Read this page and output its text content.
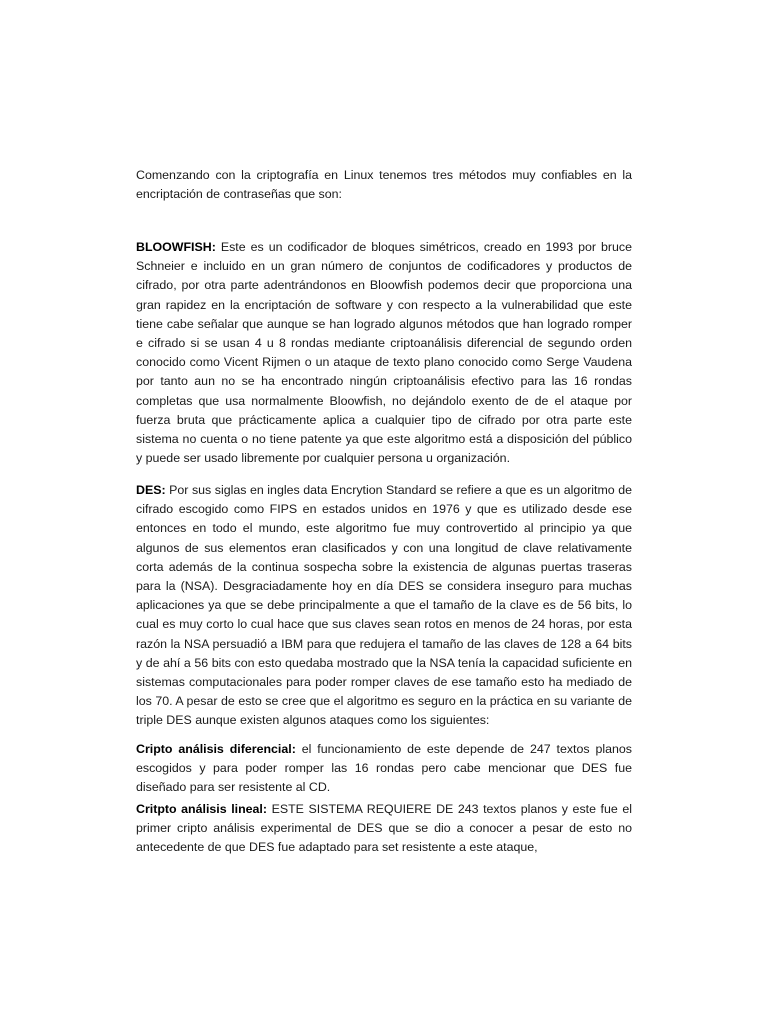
Comenzando con la criptografía en Linux tenemos tres métodos muy confiables en la encriptación de contraseñas que son:

BLOOWFISH: Este es un codificador de bloques simétricos, creado en 1993 por bruce Schneier e incluido en un gran número de conjuntos de codificadores y productos de cifrado, por otra parte adentrándonos en Bloowfish podemos decir que proporciona una gran rapidez en la encriptación de software y con respecto a la vulnerabilidad que este tiene cabe señalar que aunque se han logrado algunos métodos que han logrado romper e cifrado si se usan 4 u 8 rondas mediante criptoanálisis diferencial de segundo orden conocido como Vicent Rijmen o un ataque de texto plano conocido como Serge Vaudena por tanto aun no se ha encontrado ningún criptoanálisis efectivo para las 16 rondas completas que usa normalmente Bloowfish, no dejándolo exento de de el ataque por fuerza bruta que prácticamente aplica a cualquier tipo de cifrado por otra parte este sistema no cuenta o no tiene patente ya que este algoritmo está a disposición del público y puede ser usado libremente por cualquier persona u organización.

DES: Por sus siglas en ingles data Encrytion Standard se refiere a que es un algoritmo de cifrado escogido como FIPS en estados unidos en 1976 y que es utilizado desde ese entonces en todo el mundo, este algoritmo fue muy controvertido al principio ya que algunos de sus elementos eran clasificados y con una longitud de clave relativamente corta además de la continua sospecha sobre la existencia de algunas puertas traseras para la (NSA). Desgraciadamente hoy en día DES se considera inseguro para muchas aplicaciones ya que se debe principalmente a que el tamaño de la clave es de 56 bits, lo cual es muy corto lo cual hace que sus claves sean rotos en menos de 24 horas, por esta razón la NSA persuadió a IBM para que redujera el tamaño de las claves de 128 a 64 bits y de ahí a 56 bits con esto quedaba mostrado que la NSA tenía la capacidad suficiente en sistemas computacionales para poder romper claves de ese tamaño esto ha mediado de los 70. A pesar de esto se cree que el algoritmo es seguro en la práctica en su variante de triple DES aunque existen algunos ataques como los siguientes:

Cripto análisis diferencial: el funcionamiento de este depende de 247 textos planos escogidos y para poder romper las 16 rondas pero cabe mencionar que DES fue diseñado para ser resistente al CD.

Critpto análisis lineal: ESTE SISTEMA REQUIERE DE 243 textos planos y este fue el primer cripto análisis experimental de DES que se dio a conocer a pesar de esto no antecedente de que DES fue adaptado para set resistente a este ataque,
